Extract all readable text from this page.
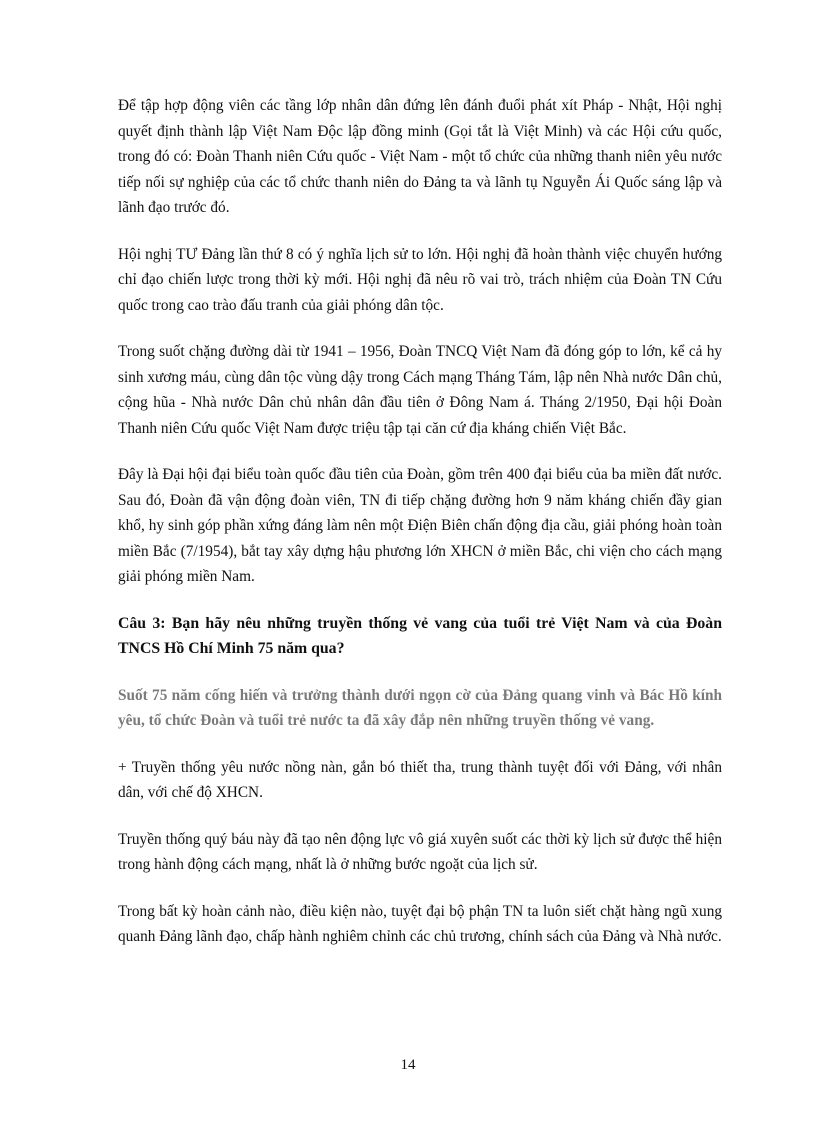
Để tập hợp động viên các tầng lớp nhân dân đứng lên đánh đuổi phát xít Pháp - Nhật, Hội nghị quyết định thành lập Việt Nam Độc lập đồng minh (Gọi tắt là Việt Minh) và các Hội cứu quốc, trong đó có: Đoàn Thanh niên Cứu quốc - Việt Nam - một tổ chức của những thanh niên yêu nước tiếp nối sự nghiệp của các tổ chức thanh niên do Đảng ta và lãnh tụ Nguyễn Ái Quốc sáng lập và lãnh đạo trước đó.

Hội nghị TƯ Đảng lần thứ 8 có ý nghĩa lịch sử to lớn. Hội nghị đã hoàn thành việc chuyển hướng chỉ đạo chiến lược trong thời kỳ mới. Hội nghị đã nêu rõ vai trò, trách nhiệm của Đoàn TN Cứu quốc trong cao trào đấu tranh của giải phóng dân tộc.

Trong suốt chặng đường dài từ 1941 – 1956, Đoàn TNCQ Việt Nam đã đóng góp to lớn, kể cả hy sinh xương máu, cùng dân tộc vùng dậy trong Cách mạng Tháng Tám, lập nên Nhà nước Dân chủ, cộng hũa - Nhà nước Dân chủ nhân dân đầu tiên ở Đông Nam á. Tháng 2/1950, Đại hội Đoàn Thanh niên Cứu quốc Việt Nam được triệu tập tại căn cứ địa kháng chiến Việt Bắc.

Đây là Đại hội đại biểu toàn quốc đầu tiên của Đoàn, gồm trên 400 đại biểu của ba miền đất nước. Sau đó, Đoàn đã vận động đoàn viên, TN đi tiếp chặng đường hơn 9 năm kháng chiến đầy gian khổ, hy sinh góp phần xứng đáng làm nên một Điện Biên chấn động địa cầu, giải phóng hoàn toàn miền Bắc (7/1954), bắt tay xây dựng hậu phương lớn XHCN ở miền Bắc, chi viện cho cách mạng giải phóng miền Nam.

Câu 3: Bạn hãy nêu những truyền thống vẻ vang của tuổi trẻ Việt Nam và của Đoàn TNCS Hồ Chí Minh 75 năm qua?

Suốt 75 năm cống hiến và trưởng thành dưới ngọn cờ của Đảng quang vinh và Bác Hồ kính yêu, tổ chức Đoàn và tuổi trẻ nước ta đã xây đắp nên những truyền thống vẻ vang.

+ Truyền thống yêu nước nồng nàn, gắn bó thiết tha, trung thành tuyệt đối với Đảng, với nhân dân, với chế độ XHCN.

Truyền thống quý báu này đã tạo nên động lực vô giá xuyên suốt các thời kỳ lịch sử được thể hiện trong hành động cách mạng, nhất là ở những bước ngoặt của lịch sử.

Trong bất kỳ hoàn cảnh nào, điều kiện nào, tuyệt đại bộ phận TN ta luôn siết chặt hàng ngũ xung quanh Đảng lãnh đạo, chấp hành nghiêm chỉnh các chủ trương, chính sách của Đảng và Nhà nước.

14
